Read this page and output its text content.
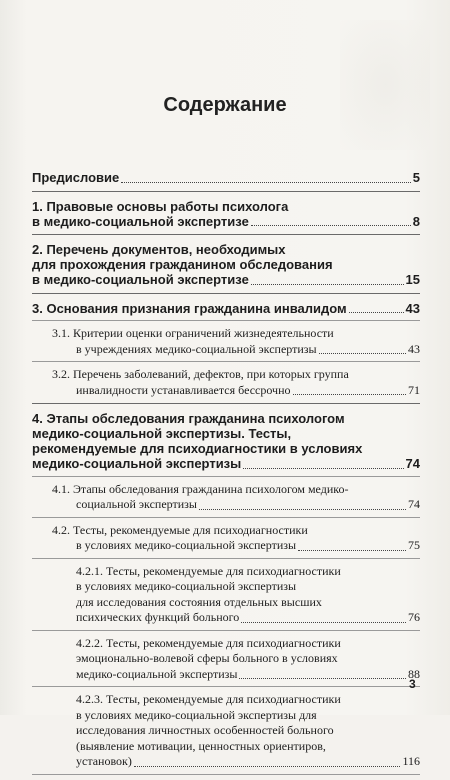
Содержание
Предисловие	5
1. Правовые основы работы психолога
в медико-социальной экспертизе	8
2. Перечень документов, необходимых
для прохождения гражданином обследования
в медико-социальной экспертизе	15
3. Основания признания гражданина инвалидом	43
3.1. Критерии оценки ограничений жизнедеятельности
в учреждениях медико-социальной экспертизы	43
3.2. Перечень заболеваний, дефектов, при которых группа
инвалидности устанавливается бессрочно	71
4. Этапы обследования гражданина психологом
медико-социальной экспертизы. Тесты,
рекомендуемые для психодиагностики в условиях
медико-социальной экспертизы	74
4.1. Этапы обследования гражданина психологом медико-
социальной экспертизы	74
4.2. Тесты, рекомендуемые для психодиагностики
в условиях медико-социальной экспертизы	75
4.2.1. Тесты, рекомендуемые для психодиагностики
в условиях медико-социальной экспертизы
для исследования состояния отдельных высших
психических функций больного	76
4.2.2. Тесты, рекомендуемые для психодиагностики
эмоционально-волевой сферы больного в условиях
медико-социальной экспертизы	88
4.2.3. Тесты, рекомендуемые для психодиагностики
в условиях медико-социальной экспертизы для
исследования личностных особенностей больного
(выявление мотивации, ценностных ориентиров,
установок)	116
3
